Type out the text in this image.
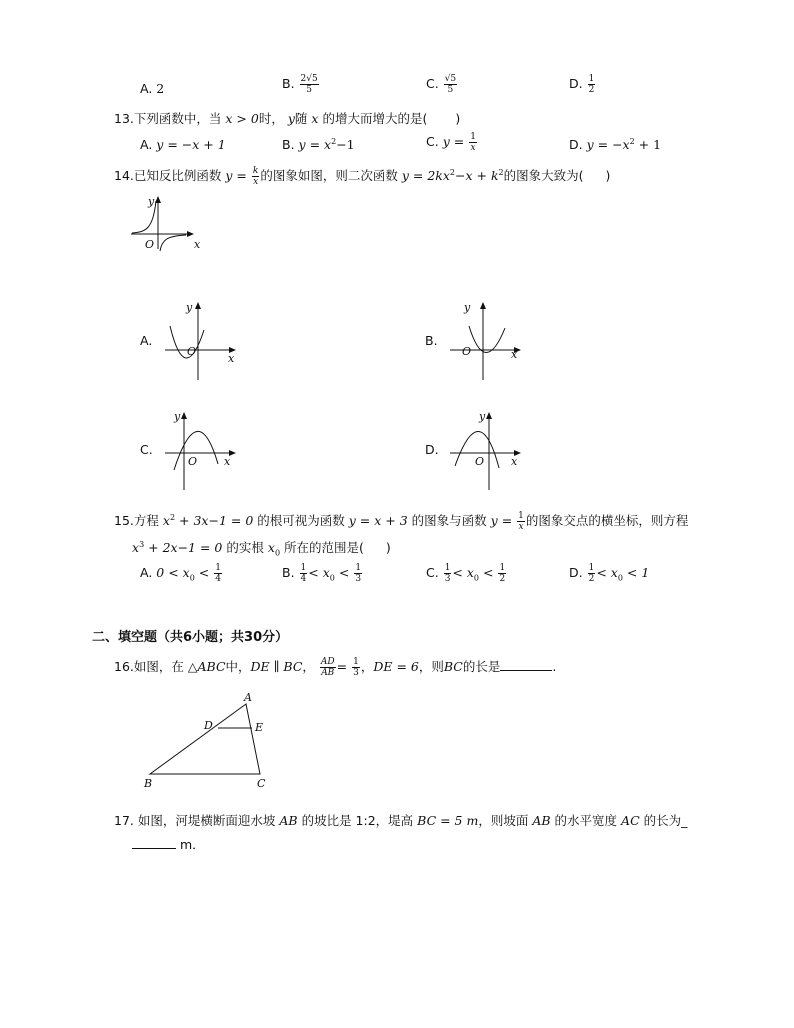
A. 2	B. $\frac{2√5}{5}$	C. $\frac{√5}{5}$	D. $\frac{1}{2}$
13.下列函数中，当 x > 0时， y随 x 的增大而增大的是( )
A. y = −x + 1	B. $y = x^2-1$	C. $y = \frac{1}{x}$	D. $y = -x^2 + 1$
14.已知反比例函数 $y = \frac{k}{x}$ 的图象如图，则二次函数 $y = 2kx^2-x + k^2$的图象大致为( )
y
x
O
A.
y
x
O
B.
y
x
O
C.
y
x
O
D.
y
x
O
15.方程 $x^2 + 3x-1 = 0$ 的根可视为函数 y = x + 3 的图象与函数 $y = \frac{1}{x}$ 的图象交点的横坐标，则方程
$x^3 + 2x-1 = 0$ 的实根 $x_0$ 所在的范围是( )
A. $0 < x_0 < \frac{1}{4}$	B. $\frac{1}{4} < x_0 < \frac{1}{3}$	C. $\frac{1}{3} < x_0 < \frac{1}{2}$	D. $\frac{1}{2} < x_0 < 1$
二、填空题（共6小题；共30分）
16.如图，在 △ABC中，DE ∥ BC， $\frac{AD}{AB} = \frac{1}{3}$ ，DE = 6，则BC的长是	.
A
B	C
D	E
17. 如图，河堤横断面迎水坡 AB 的坡比是 1:2，堤高 BC = 5 m，则坡面 AB 的水平宽度 AC 的长为_
m．
